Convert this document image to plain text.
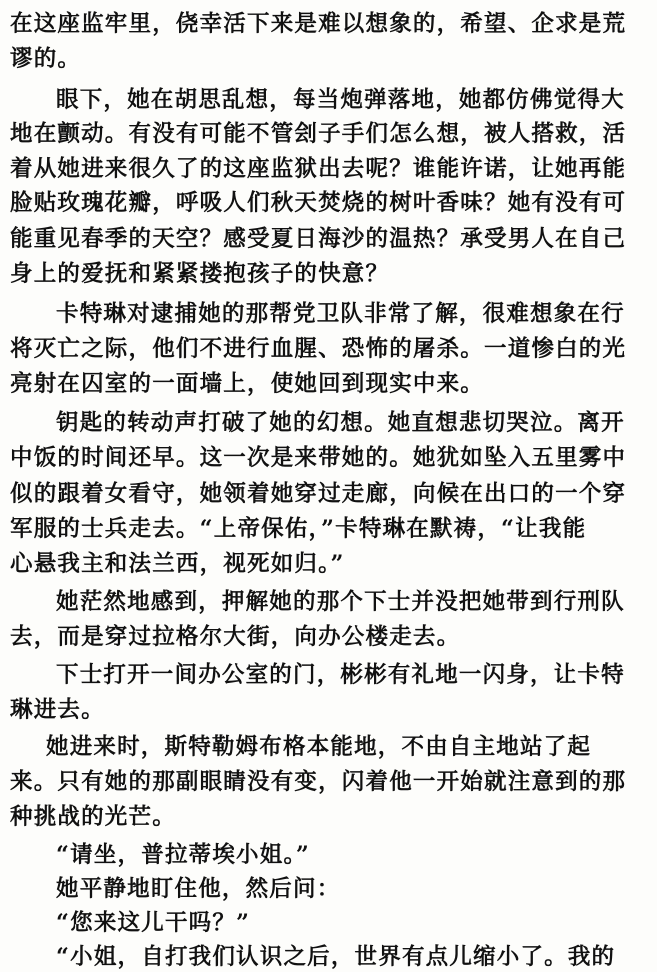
在这座监牢里，侥幸活下来是难以想象的，希望、企求是荒
谬的。
眼下，她在胡思乱想，每当炮弹落地，她都仿佛觉得大
地在颤动。有没有可能不管刽子手们怎么想，被人搭救，活
着从她进来很久了的这座监狱出去呢？谁能许诺，让她再能
脸贴玫瑰花瓣，呼吸人们秋天焚烧的树叶香味？她有没有可
能重见春季的天空？感受夏日海沙的温热？承受男人在自己
身上的爱抚和紧紧搂抱孩子的快意？
卡特琳对逮捕她的那帮党卫队非常了解，很难想象在行
将灭亡之际，他们不进行血腥、恐怖的屠杀。一道惨白的光
亮射在囚室的一面墙上，使她回到现实中来。
钥匙的转动声打破了她的幻想。她直想悲切哭泣。离开
中饭的时间还早。这一次是来带她的。她犹如坠入五里雾中
似的跟着女看守，她领着她穿过走廊，向候在出口的一个穿
军服的士兵走去。“上帝保佑，”卡特琳在默祷，“让我能
心悬我主和法兰西，视死如归。”
她茫然地感到，押解她的那个下士并没把她带到行刑队
去，而是穿过拉格尔大街，向办公楼走去。
下士打开一间办公室的门，彬彬有礼地一闪身，让卡特
琳进去。
她进来时，斯特勒姆布格本能地，不由自主地站了起
来。只有她的那副眼睛没有变，闪着他一开始就注意到的那
种挑战的光芒。
“请坐，普拉蒂埃小姐。”
她平静地盯住他，然后问：
“您来这儿干吗？”
“小姐，自打我们认识之后，世界有点儿缩小了。我的
